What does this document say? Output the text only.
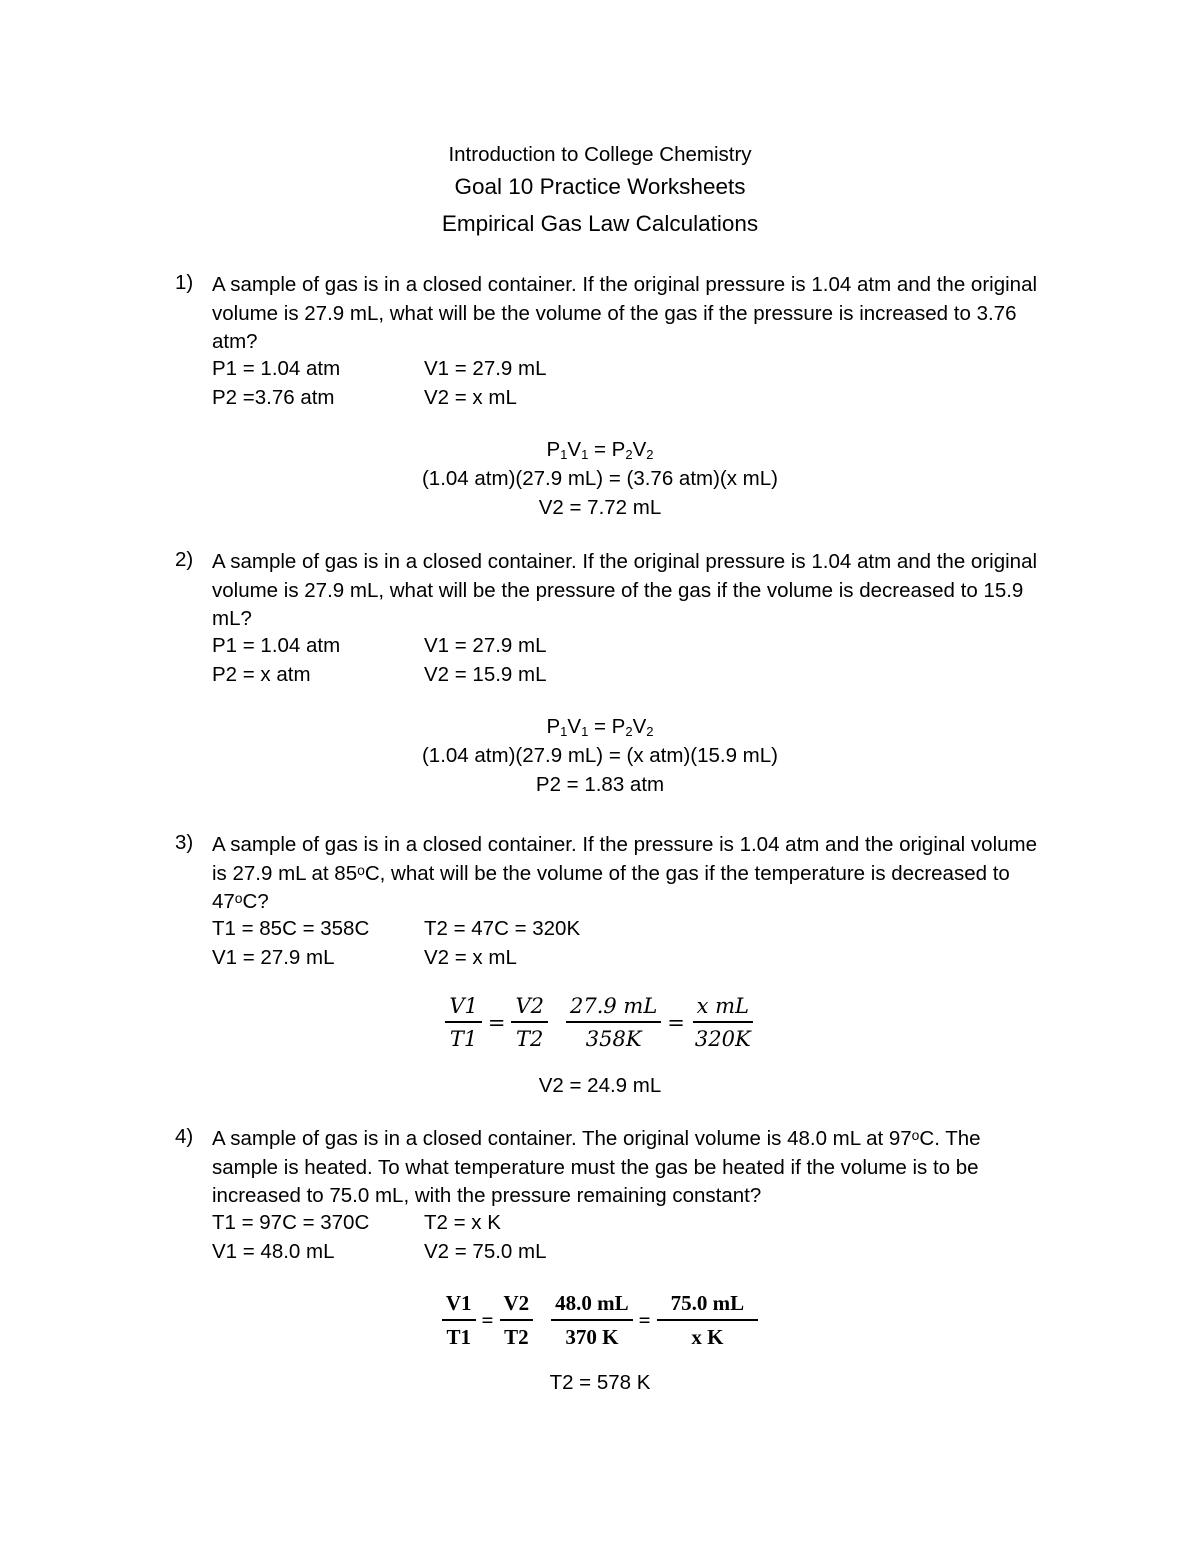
Introduction to College Chemistry
Goal 10 Practice Worksheets
Empirical Gas Law Calculations
1) A sample of gas is in a closed container. If the original pressure is 1.04 atm and the original volume is 27.9 mL, what will be the volume of the gas if the pressure is increased to 3.76 atm?
P1 = 1.04 atm	V1 = 27.9 mL
P2 =3.76 atm	V2 = x mL
$P_1V_1 = P_2V_2$
(1.04 atm)(27.9 mL) = (3.76 atm)(x mL)
V2 = 7.72 mL
2) A sample of gas is in a closed container. If the original pressure is 1.04 atm and the original volume is 27.9 mL, what will be the pressure of the gas if the volume is decreased to 15.9 mL?
P1 = 1.04 atm	V1 = 27.9 mL
P2 = x atm	V2 = 15.9 mL
$P_1V_1 = P_2V_2$
(1.04 atm)(27.9 mL) = (x atm)(15.9 mL)
P2 = 1.83 atm
3) A sample of gas is in a closed container. If the pressure is 1.04 atm and the original volume is 27.9 mL at 85ᵒC, what will be the volume of the gas if the temperature is decreased to 47ᵒC?
T1 = 85C = 358C	T2 = 47C = 320K
V1 = 27.9 mL	V2 = x mL
$\frac{V1}{T1} = \frac{V2}{T2} \frac{27.9 mL}{358K} = \frac{\text{x mL}}{320K}$
V2 = 24.9 mL
4) A sample of gas is in a closed container. The original volume is 48.0 mL at 97ᵒC. The sample is heated. To what temperature must the gas be heated if the volume is to be increased to 75.0 mL, with the pressure remaining constant?
T1 = 97C = 370C	T2 = x K
V1 = 48.0 mL	V2 = 75.0 mL
$\frac{V1}{T1} = \frac{V2}{T2} \frac{48.0 mL}{370 K} = \frac{75.0 mL}{\text{x K}}$
T2 = 578 K
